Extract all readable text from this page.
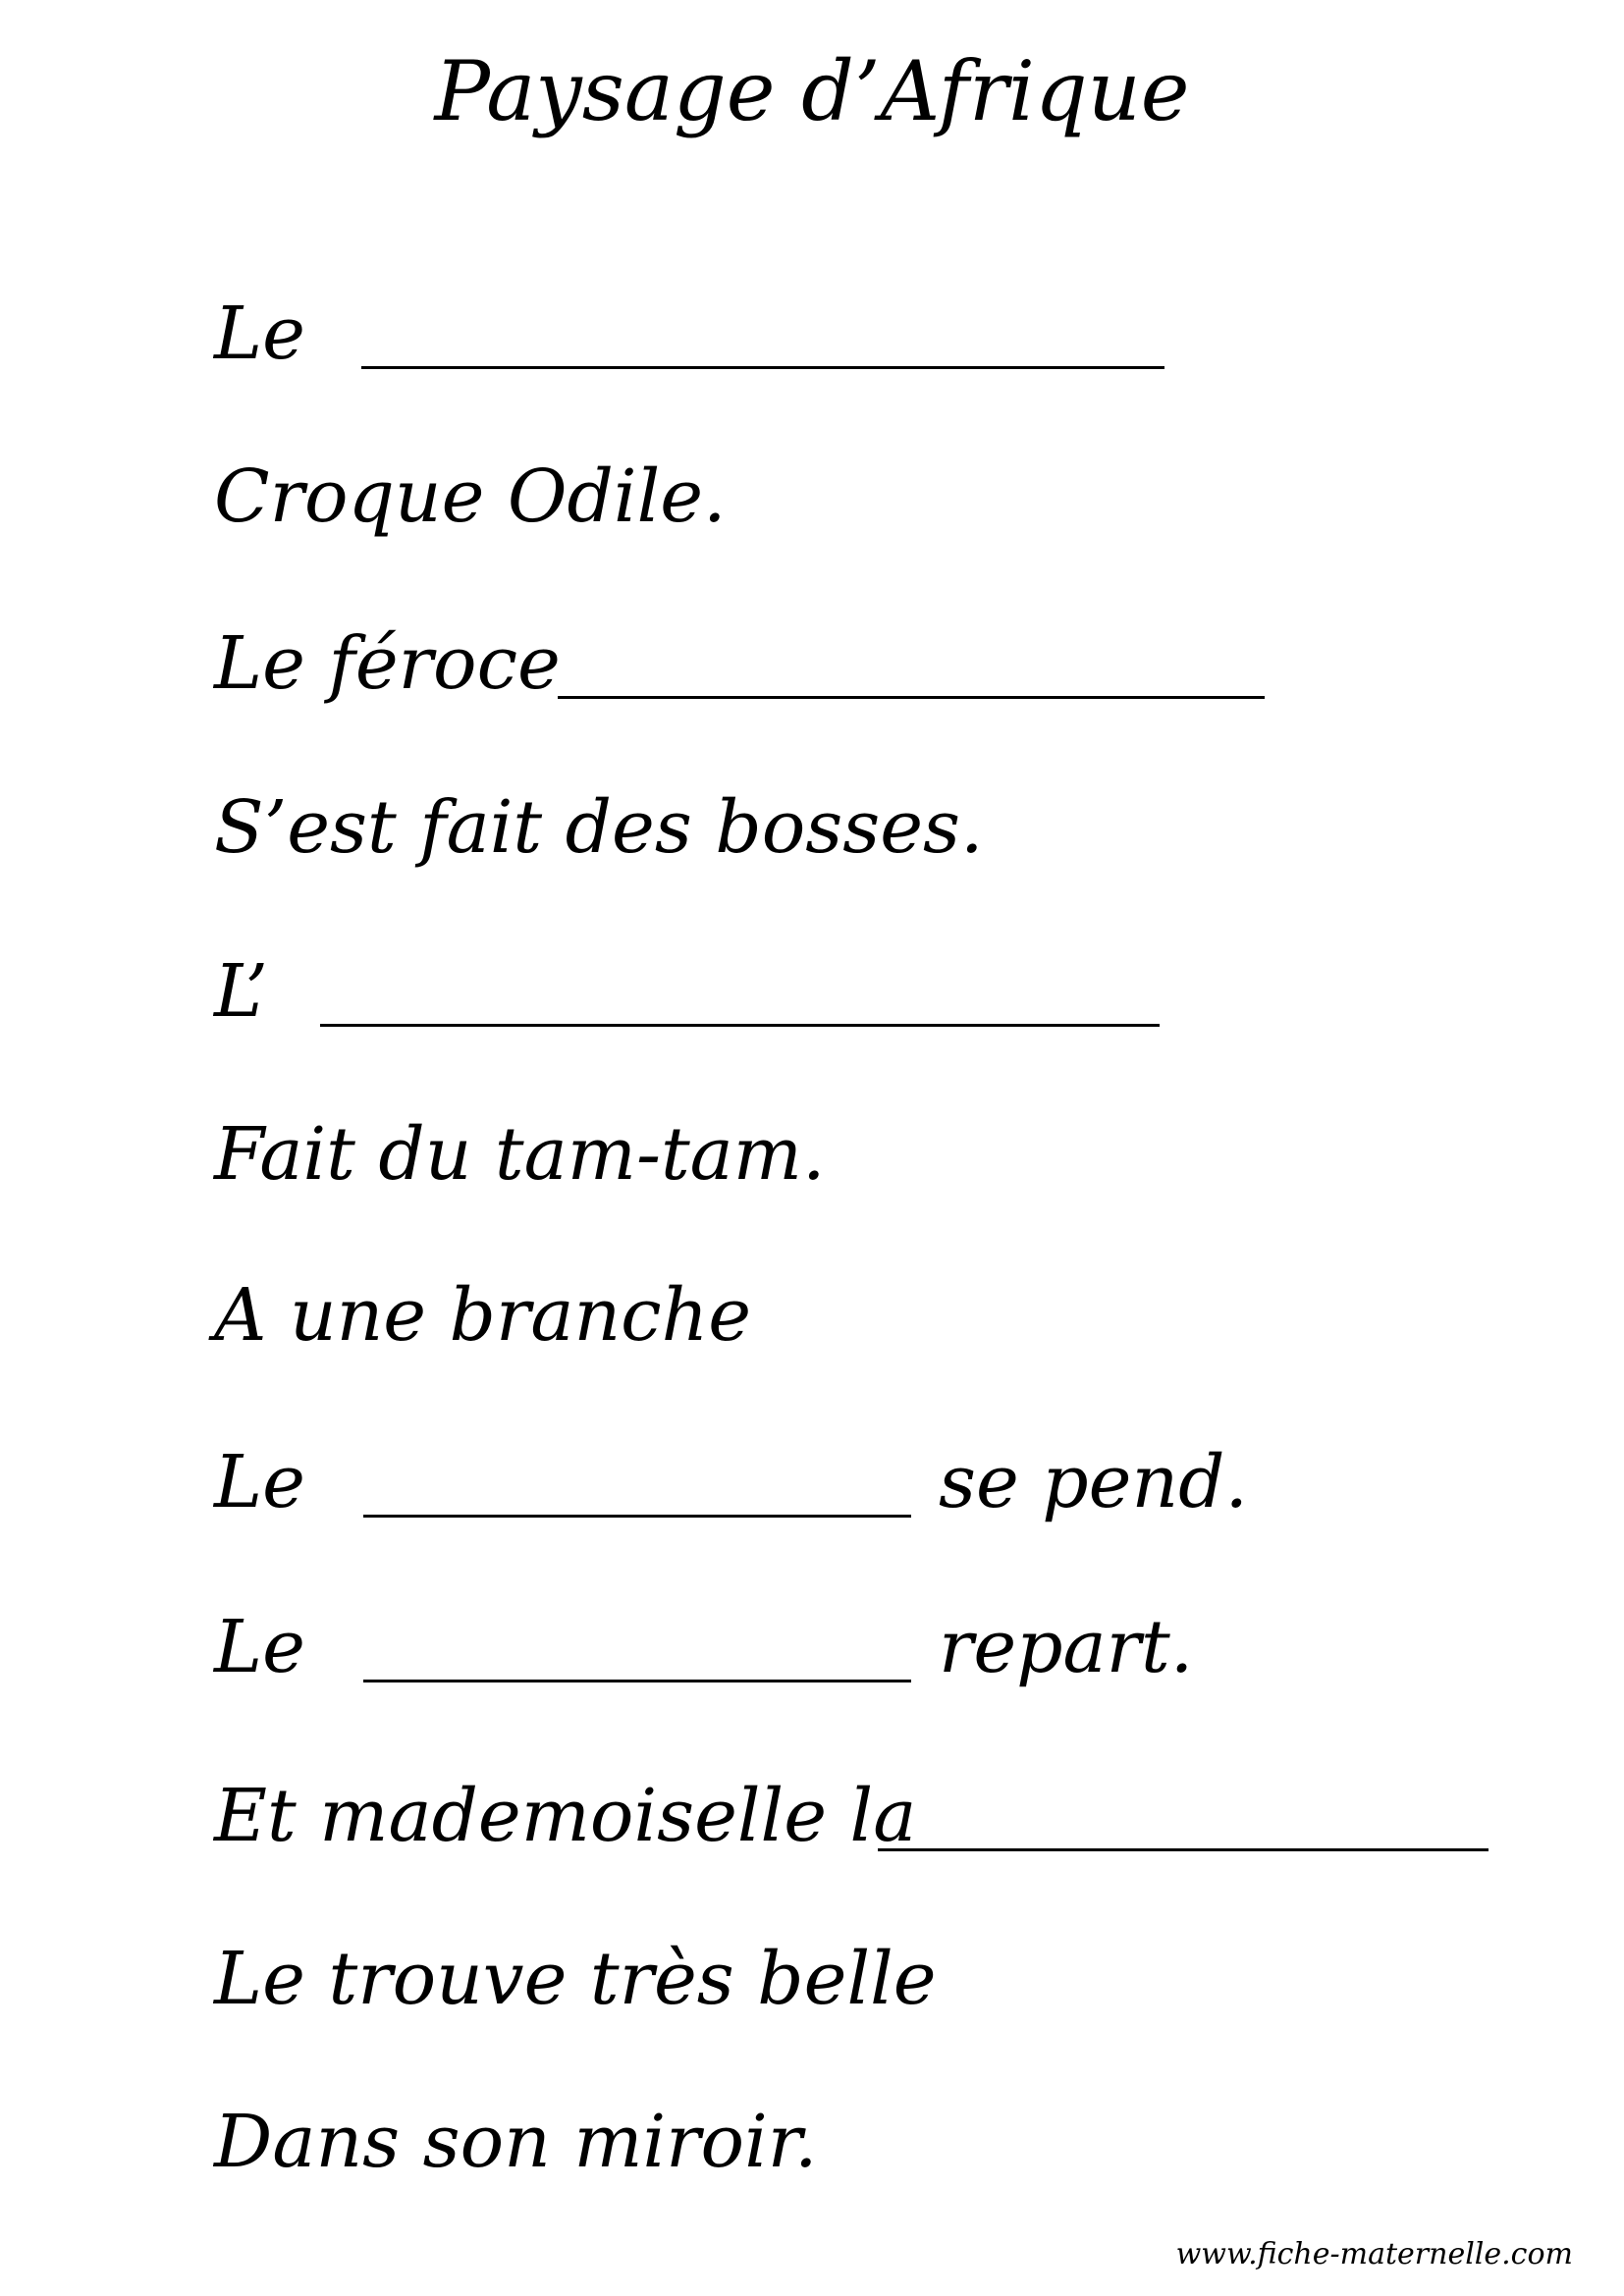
Paysage d’Afrique
Le
Croque Odile.
Le féroce
S’est fait des bosses.
L’
Fait du tam-tam.
A une branche
Le	se pend.
Le	repart.
Et mademoiselle la
Le trouve très belle
Dans son miroir.
www.fiche-maternelle.com
